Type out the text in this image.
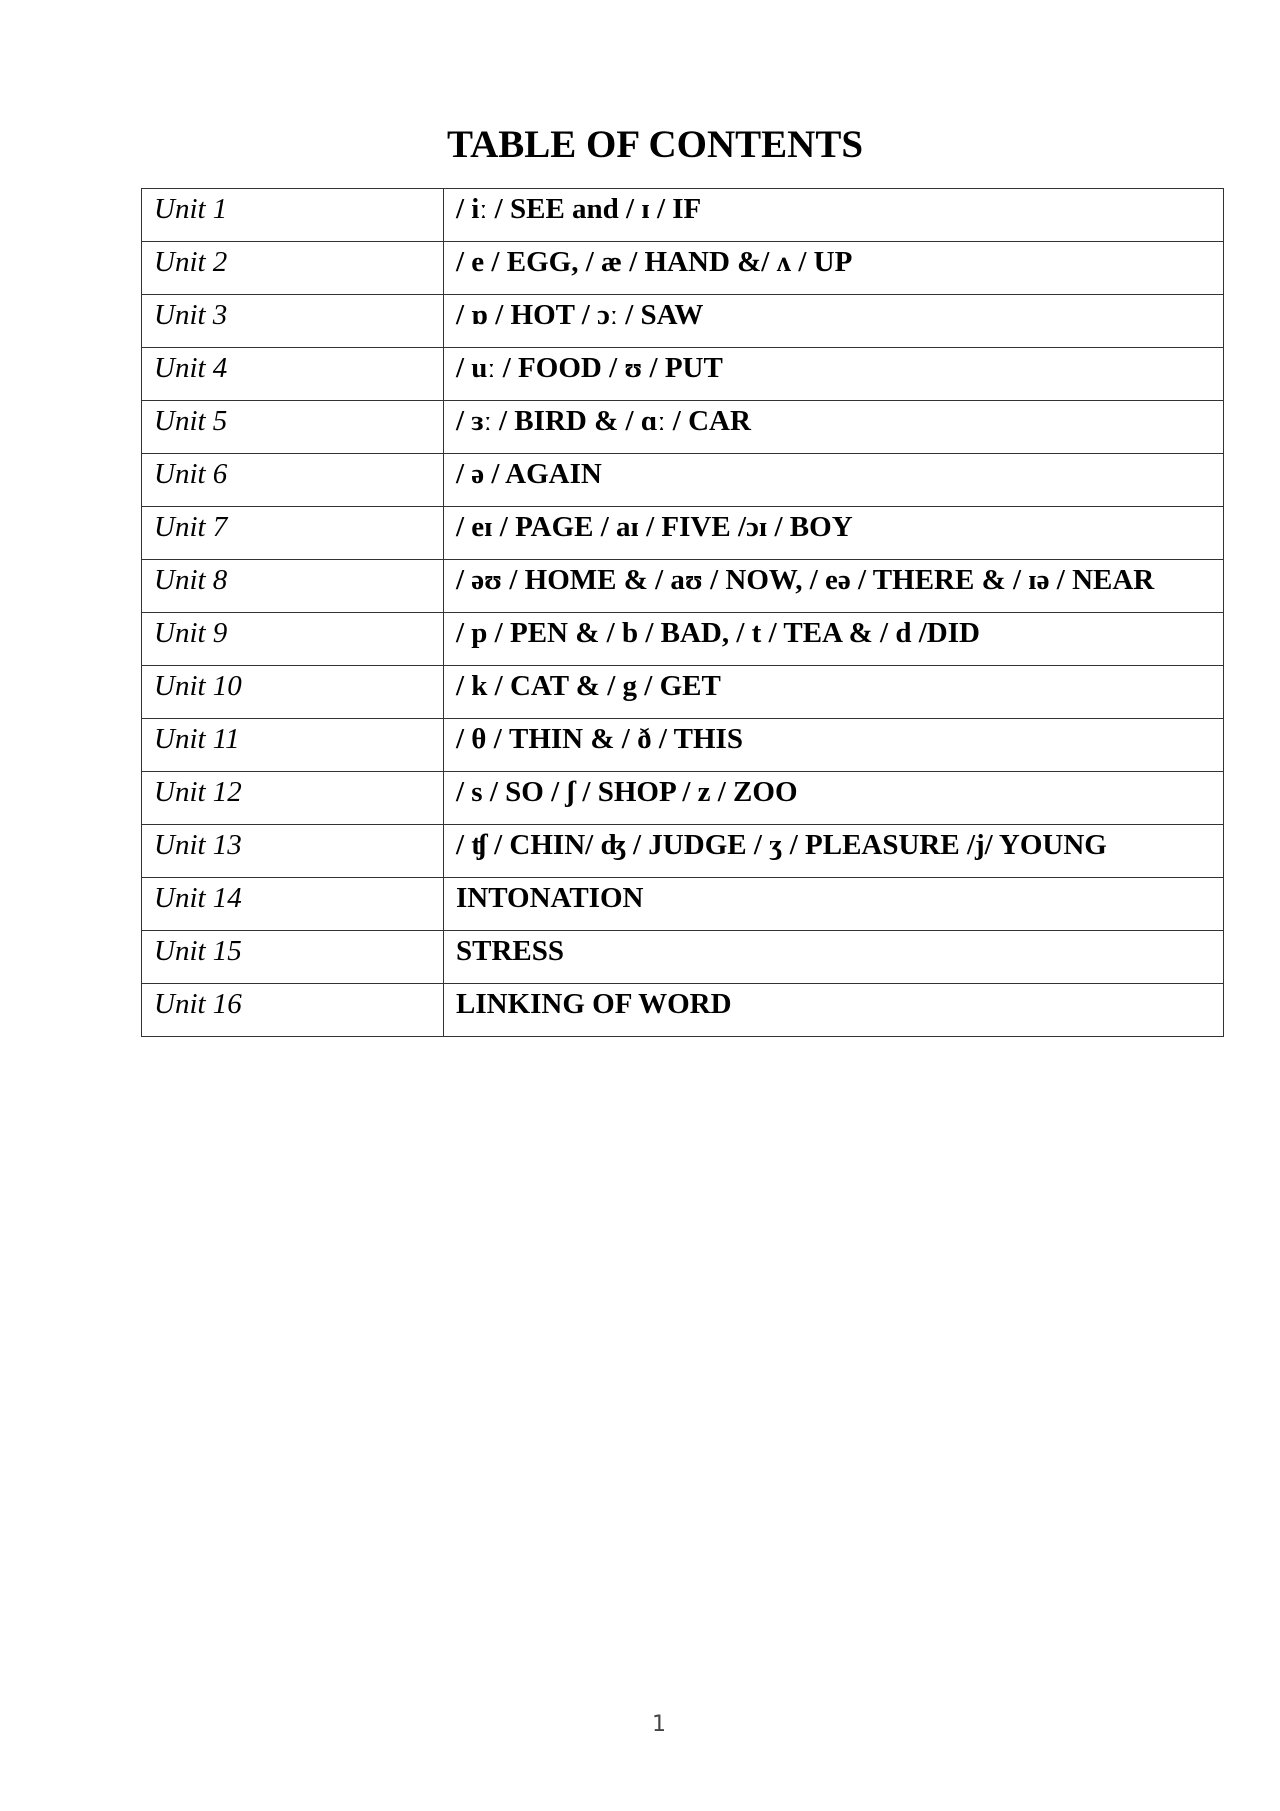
TABLE OF CONTENTS
Unit 1	/ iː / SEE and / ɪ / IF
Unit 2	/ e / EGG, / æ / HAND &/ ʌ / UP
Unit 3	/ ɒ / HOT / ɔː / SAW
Unit 4	/ uː / FOOD / ʊ / PUT
Unit 5	/ ɜː / BIRD & / ɑː / CAR
Unit 6	/ ə / AGAIN
Unit 7	/ eɪ / PAGE / aɪ / FIVE /ɔɪ / BOY
Unit 8	/ əʊ / HOME & / aʊ / NOW, / eə / THERE & / ɪə / NEAR
Unit 9	/ p / PEN & / b / BAD, / t / TEA & / d /DID
Unit 10	/ k / CAT & / g / GET
Unit 11	/ θ / THIN & / ð / THIS
Unit 12	/ s / SO / ʃ / SHOP / z / ZOO
Unit 13	/ ʧ / CHIN/ ʤ / JUDGE / ʒ / PLEASURE /j/ YOUNG
Unit 14	INTONATION
Unit 15	STRESS
Unit 16	LINKING OF WORD
1
